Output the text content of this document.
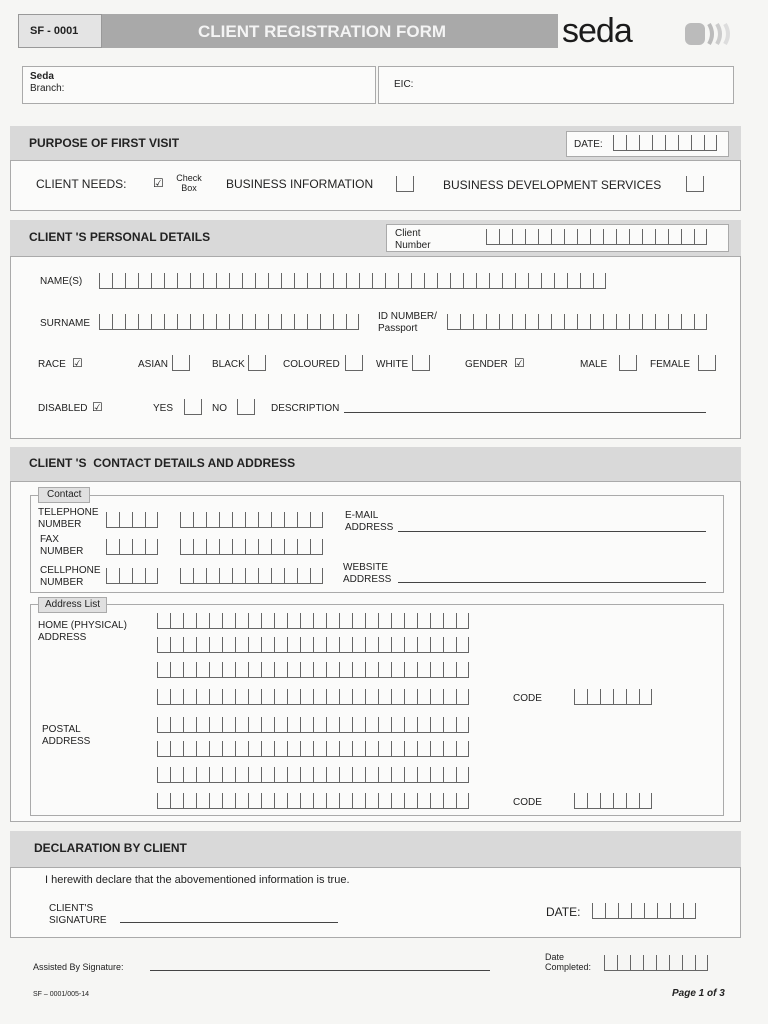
SF - 0001	CLIENT REGISTRATION FORM	seda
Seda
Branch:	EIC:
PURPOSE OF FIRST VISIT	DATE:
CLIENT NEEDS: ☑	Check Box	BUSINESS INFORMATION	BUSINESS DEVELOPMENT SERVICES
CLIENT 'S PERSONAL DETAILS	Client Number
NAME(S)
SURNAME
ID NUMBER/ Passport
RACE ☑	ASIAN	BLACK	COLOURED	WHITE	GENDER ☑	MALE	FEMALE
DISABLED ☑	YES	NO	DESCRIPTION
CLIENT 'S  CONTACT DETAILS AND ADDRESS
Contact
TELEPHONE NUMBER
FAX NUMBER
CELLPHONE NUMBER
E-MAIL ADDRESS
WEBSITE ADDRESS
Address List
HOME (PHYSICAL) ADDRESS
CODE
POSTAL ADDRESS
CODE
DECLARATION BY CLIENT
I herewith declare that the abovementioned information is true.
CLIENT'S SIGNATURE
DATE:
Assisted By Signature:
Date Completed:
SF – 0001/005-14	Page 1 of 3
